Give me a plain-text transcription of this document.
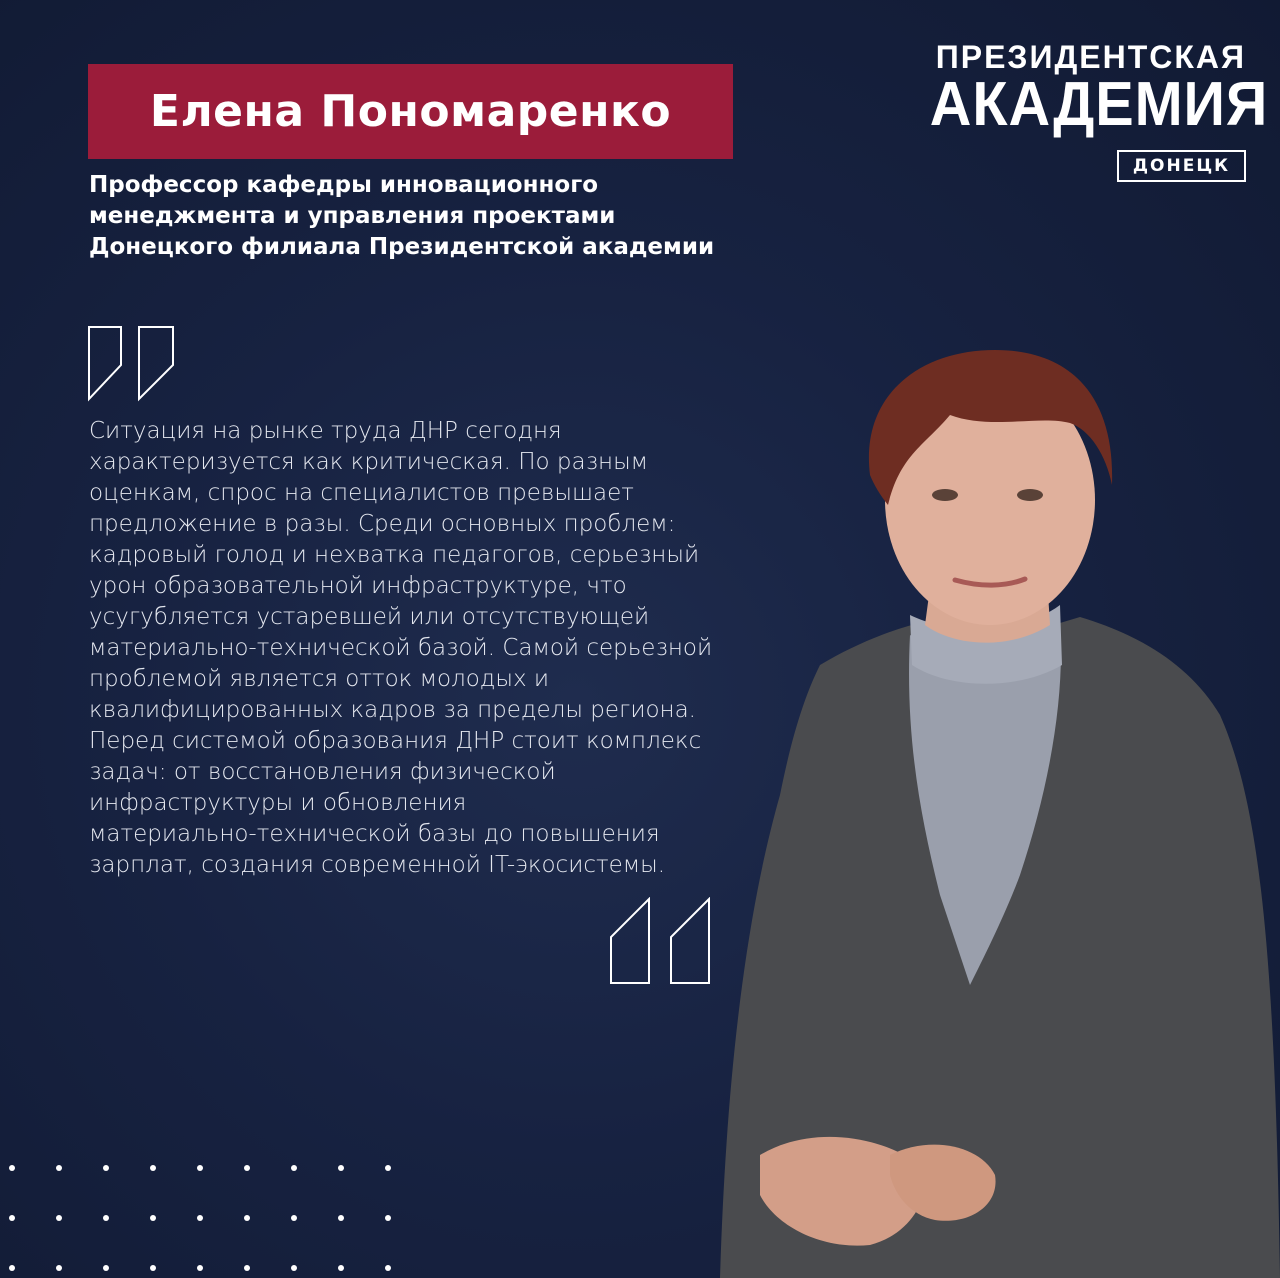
Елена Пономаренко
Профессор кафедры инновационного
менеджмента и управления проектами
Донецкого филиала Президентской академии
ПРЕЗИДЕНТСКАЯ
АКАДЕМИЯ
ДОНЕЦК
Ситуация на рынке труда ДНР сегодня
характеризуется как критическая. По разным
оценкам, спрос на специалистов превышает
предложение в разы. Среди основных проблем:
кадровый голод и нехватка педагогов, серьезный
урон образовательной инфраструктуре, что
усугубляется устаревшей или отсутствующей
материально-технической базой. Самой серьезной
проблемой является отток молодых и
квалифицированных кадров за пределы региона.
Перед системой образования ДНР стоит комплекс
задач: от восстановления физической
инфраструктуры и обновления
материально-технической базы до повышения
зарплат, создания современной IT-экосистемы.
